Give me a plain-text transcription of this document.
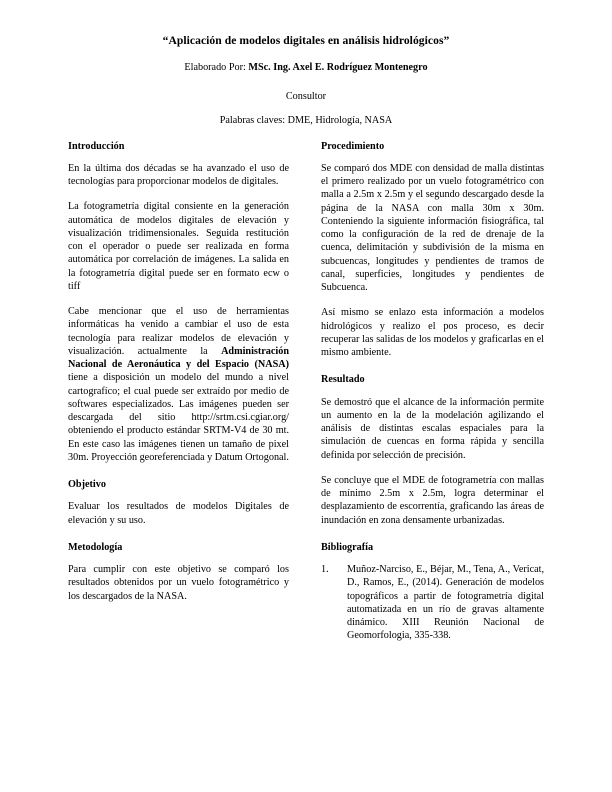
“Aplicación de modelos digitales en análisis hidrológicos”
Elaborado Por: MSc. Ing. Axel E. Rodríguez Montenegro
Consultor
Palabras claves: DME, Hidrología, NASA
Introducción

En la última dos décadas se ha avanzado el uso de tecnologías para proporcionar modelos de digitales.

La fotogrametría digital consiente en la generación automática de modelos digitales de elevación y visualización tridimensionales. Seguida restitución con el operador o puede ser realizada en forma automática por correlación de imágenes. La salida en la fotogrametría digital puede ser en formato ecw o tiff

Cabe mencionar que el uso de herramientas informáticas ha venido a cambiar el uso de esta tecnología para realizar modelos de elevación y visualización. actualmente la Administración Nacional de Aeronáutica y del Espacio (NASA) tiene a disposición un modelo del mundo a nivel cartografíco; el cual puede ser extraído por medio de softwares especializados. Las imágenes pueden ser descargada del sitio http://srtm.csi.cgiar.org/ obteniendo el producto estándar SRTM-V4 de 30 mt. En este caso las imágenes tienen un tamaño de pixel 30m. Proyección georeferenciada y Datum Ortogonal.

Objetivo

Evaluar los resultados de modelos Digitales de elevación y su uso.

Metodología

Para cumplir con este objetivo se comparó los resultados obtenidos por un vuelo fotogramétrico y los descargados de la NASA.

Procedimiento

Se comparó dos MDE con densidad de malla distintas el primero realizado por un vuelo fotogramétrico con malla a 2.5m x 2.5m y el segundo descargado desde la página de la NASA con malla 30m x 30m. Conteniendo la siguiente información fisiográfica, tal como la configuración de la red de drenaje de la cuenca, delimitación y subdivisión de la misma en subcuencas, longitudes y pendientes de tramos de canal, superficies, longitudes y pendientes de Subcuenca.

Así mismo se enlazo esta información a modelos hidrológicos y realizo el pos proceso, es decir recuperar las salidas de los modelos y graficarlas en el mismo ambiente.

Resultado

Se demostró que el alcance de la información permite un aumento en la de la modelación agilizando el análisis de distintas escalas espaciales para la simulación de cuencas en forma rápida y sencilla definida por selección de precisión.

Se concluye que el MDE de fotogrametría con mallas de mínimo 2.5m x 2.5m, logra determinar el desplazamiento de escorrentía, graficando las áreas de inundación en zona densamente urbanizadas.

Bibliografía
1. Muñoz-Narciso, E., Béjar, M., Tena, A., Vericat, D., Ramos, E., (2014). Generación de modelos topográficos a partir de fotogrametría digital automatizada en un río de gravas altamente dinámico. XIII Reunión Nacional de Geomorfologia, 335-338.
